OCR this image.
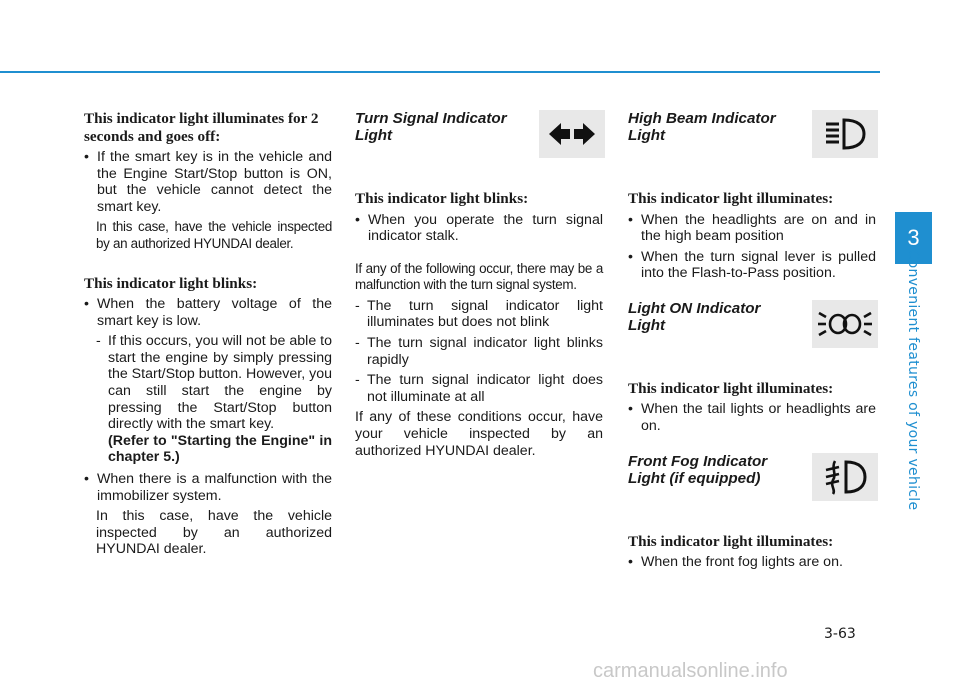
This indicator light illuminates for 2 seconds and goes off:

• If the smart key is in the vehicle and the Engine Start/Stop button is ON, but the vehicle cannot detect the smart key.

In this case, have the vehicle inspected by an authorized HYUNDAI dealer.

This indicator light blinks:

• When the battery voltage of the smart key is low.

- If this occurs, you will not be able to start the engine by simply pressing the Start/Stop button. However, you can still start the engine by pressing the Start/Stop button directly with the smart key.

(Refer to "Starting the Engine" in chapter 5.)

• When there is a malfunction with the immobilizer system.

In this case, have the vehicle inspected by an authorized HYUNDAI dealer.

Turn Signal Indicator Light

This indicator light blinks:

• When you operate the turn signal indicator stalk.

If any of the following occur, there may be a malfunction with the turn signal system.

- The turn signal indicator light illuminates but does not blink

- The turn signal indicator light blinks rapidly

- The turn signal indicator light does not illuminate at all

If any of these conditions occur, have your vehicle inspected by an authorized HYUNDAI dealer.

High Beam Indicator Light

This indicator light illuminates:

• When the headlights are on and in the high beam position

• When the turn signal lever is pulled into the Flash-to-Pass position.

Light ON Indicator Light

This indicator light illuminates:

• When the tail lights or headlights are on.

Front Fog Indicator Light (if equipped)

This indicator light illuminates:

• When the front fog lights are on.

3
Convenient features of your vehicle
3-63
carmanualsonline.info
